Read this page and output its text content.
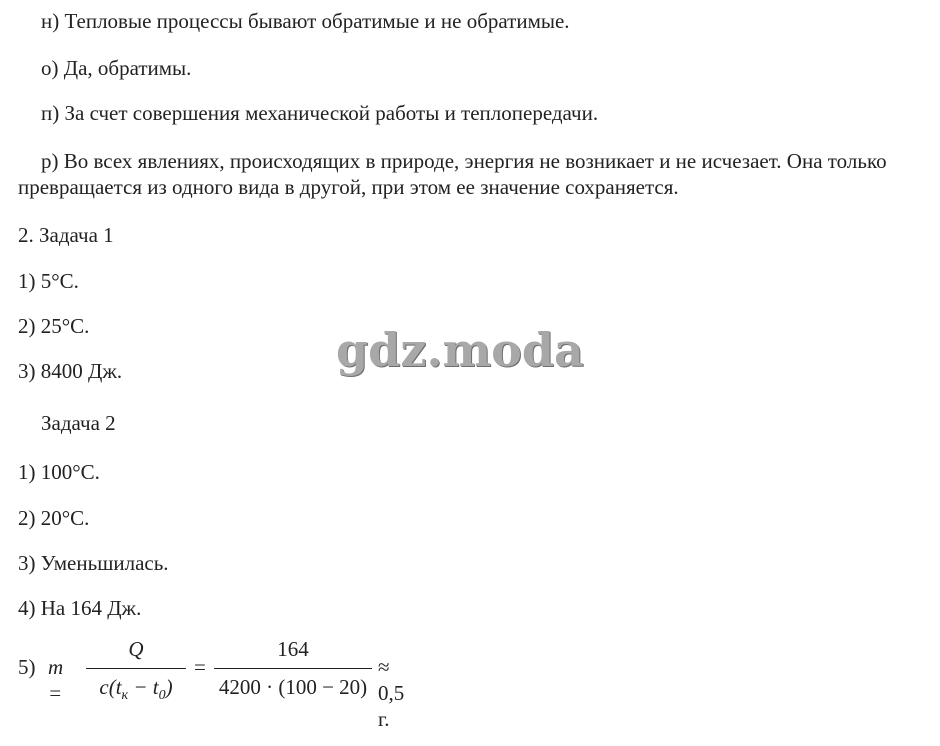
н) Тепловые процессы бывают обратимые и не обратимые.
о) Да, обратимы.
п) За счет совершения механической работы и теплопередачи.
р) Во всех явлениях, происходящих в природе, энергия не возникает и не исчезает. Она только превращается из одного вида в другой, при этом ее значение сохраняется.
2. Задача 1
1) 5°C.
2) 25°C.
3) 8400 Дж.
Задача 2
1) 100°C.
2) 20°C.
3) Уменьшилась.
4) На 164 Дж.
5) m =
Q
$c(t_к - t_0)$
=
164
4200 · (100 − 20)
≈ 0,5 г.
gdz.moda
